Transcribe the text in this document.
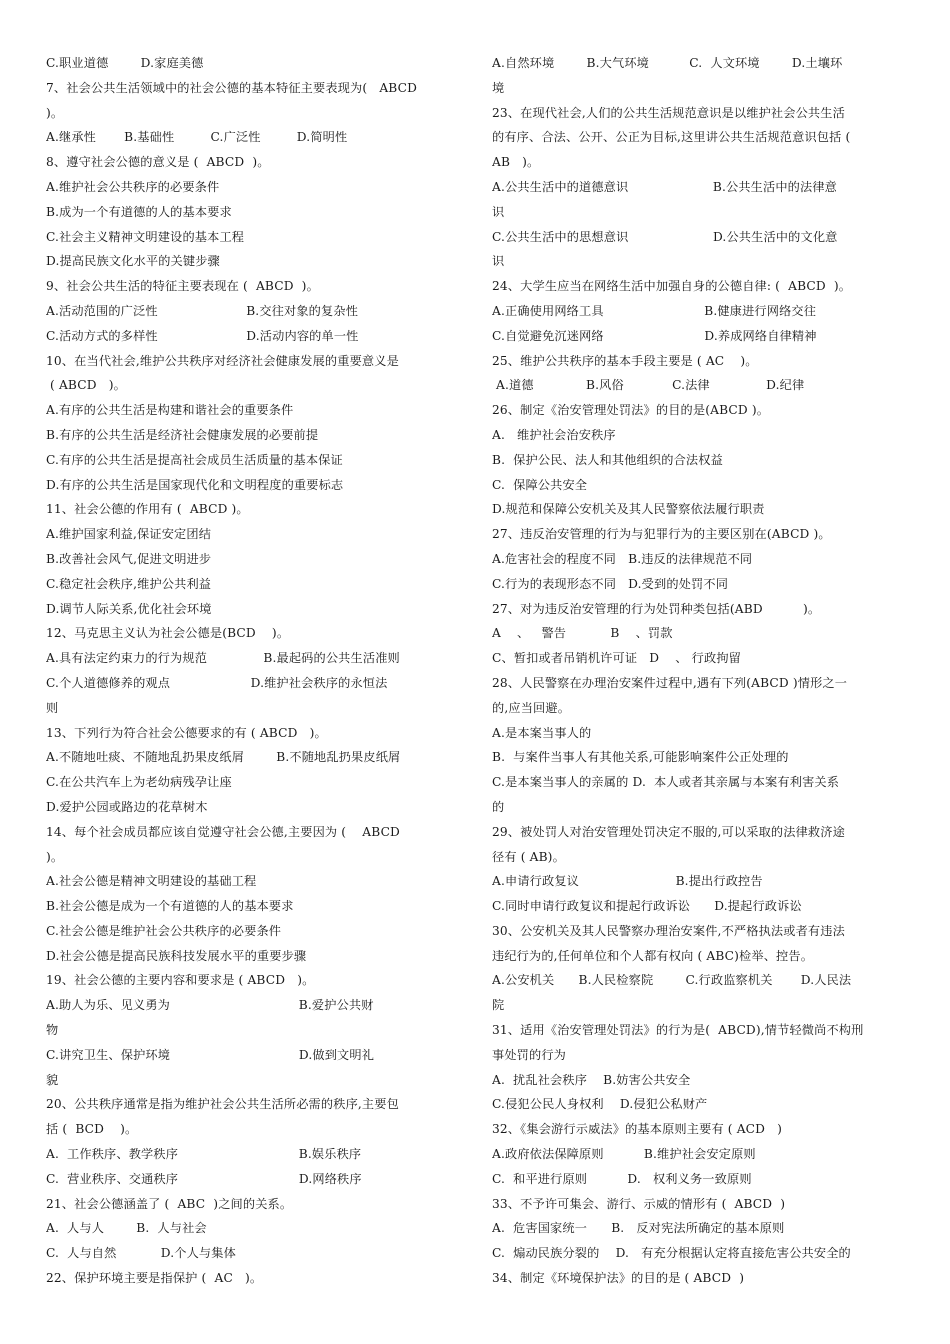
C.职业道德        D.家庭美德
7、社会公共生活领域中的社会公德的基本特征主要表现为(   ABCD
)。
A.继承性       B.基础性         C.广泛性         D.简明性
8、遵守社会公德的意义是 (  ABCD  )。
A.维护社会公共秩序的必要条件
B.成为一个有道德的人的基本要求
C.社会主义精神文明建设的基本工程
D.提高民族文化水平的关键步骤
9、社会公共生活的特征主要表现在 (  ABCD  )。
A.活动范围的广泛性                      B.交往对象的复杂性
C.活动方式的多样性                      D.活动内容的单一性
10、在当代社会,维护公共秩序对经济社会健康发展的重要意义是
( ABCD   )。
A.有序的公共生活是构建和谐社会的重要条件
B.有序的公共生活是经济社会健康发展的必要前提
C.有序的公共生活是提高社会成员生活质量的基本保证
D.有序的公共生活是国家现代化和文明程度的重要标志
11、社会公德的作用有 (  ABCD )。
A.维护国家利益,保证安定团结
B.改善社会风气,促进文明进步
C.稳定社会秩序,维护公共利益
D.调节人际关系,优化社会环境
12、马克思主义认为社会公德是(BCD    )。
A.具有法定约束力的行为规范              B.最起码的公共生活准则
C.个人道德修养的观点                    D.维护社会秩序的永恒法
则
13、下列行为符合社会公德要求的有 ( ABCD   )。
A.不随地吐痰、不随地乱扔果皮纸屑        B.不随地乱扔果皮纸屑
C.在公共汽车上为老幼病残孕让座
D.爱护公园或路边的花草树木
14、每个社会成员都应该自觉遵守社会公德,主要因为 (    ABCD
)。
A.社会公德是精神文明建设的基础工程
B.社会公德是成为一个有道德的人的基本要求
C.社会公德是维护社会公共秩序的必要条件
D.社会公德是提高民族科技发展水平的重要步骤
19、社会公德的主要内容和要求是 ( ABCD   )。
A.助人为乐、见义勇为                                B.爱护公共财
物
C.讲究卫生、保护环境                                D.做到文明礼
貌
20、公共秩序通常是指为维护社会公共生活所必需的秩序,主要包
括 (  BCD    )。
A.  工作秩序、教学秩序                              B.娱乐秩序
C.  营业秩序、交通秩序                              D.网络秩序
21、社会公德涵盖了 (  ABC  )之间的关系。
A.  人与人        B.  人与社会
C.  人与自然           D.个人与集体
22、保护环境主要是指保护 (  AC   )。
A.自然环境        B.大气环境          C.  人文环境        D.土壤环
境
23、在现代社会,人们的公共生活规范意识是以维护社会公共生活
的有序、合法、公开、公正为目标,这里讲公共生活规范意识包括 (
AB   )。
A.公共生活中的道德意识                     B.公共生活中的法律意
识
C.公共生活中的思想意识                     D.公共生活中的文化意
识
24、大学生应当在网络生活中加强自身的公德自律: (  ABCD  )。
A.正确使用网络工具                         B.健康进行网络交往
C.自觉避免沉迷网络                         D.养成网络自律精神
25、维护公共秩序的基本手段主要是 ( AC    )。
A.道德             B.风俗            C.法律              D.纪律
26、制定《治安管理处罚法》的目的是(ABCD )。
A.   维护社会治安秩序
B.  保护公民、法人和其他组织的合法权益
C.  保障公共安全
D.规范和保障公安机关及其人民警察依法履行职责
27、违反治安管理的行为与犯罪行为的主要区别在(ABCD )。
A.危害社会的程度不同   B.违反的法律规范不同
C.行为的表现形态不同   D.受到的处罚不同
27、对为违反治安管理的行为处罚种类包括(ABD          )。
A    、   警告           B    、罚款
C、暂扣或者吊销机许可证   D    、 行政拘留
28、人民警察在办理治安案件过程中,遇有下列(ABCD )情形之一
的,应当回避。
A.是本案当事人的
B.  与案件当事人有其他关系,可能影响案件公正处理的
C.是本案当事人的亲属的 D.  本人或者其亲属与本案有利害关系
的
29、被处罚人对治安管理处罚决定不服的,可以采取的法律救济途
径有 ( AB)。
A.申请行政复议                        B.提出行政控告
C.同时申请行政复议和提起行政诉讼      D.提起行政诉讼
30、公安机关及其人民警察办理治安案件,不严格执法或者有违法
违纪行为的,任何单位和个人都有权向 ( ABC)检举、控告。
A.公安机关      B.人民检察院        C.行政监察机关       D.人民法
院
31、适用《治安管理处罚法》的行为是(  ABCD),情节轻微尚不构刑
事处罚的行为
A.  扰乱社会秩序    B.妨害公共安全
C.侵犯公民人身权利    D.侵犯公私财产
32、《集会游行示威法》的基本原则主要有 ( ACD   )
A.政府依法保障原则          B.维护社会安定原则
C.  和平进行原则          D.   权利义务一致原则
33、不予许可集会、游行、示威的情形有 (  ABCD  )
A.  危害国家统一      B.   反对宪法所确定的基本原则
C.  煽动民族分裂的    D.   有充分根据认定将直接危害公共安全的
34、制定《环境保护法》的目的是 ( ABCD  )
